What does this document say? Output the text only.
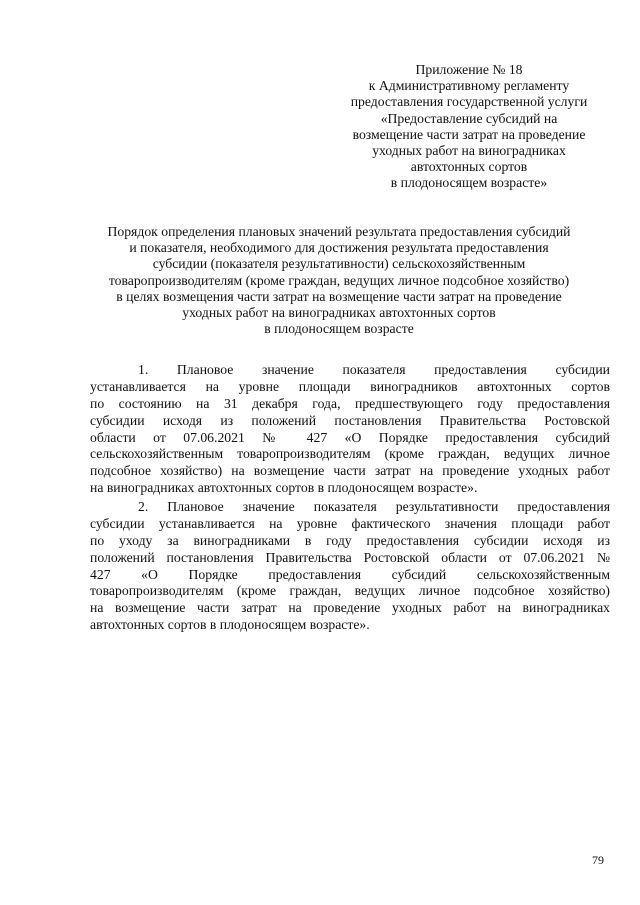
Приложение № 18
к Административному регламенту
предоставления государственной услуги
«Предоставление субсидий на
возмещение части затрат на проведение
уходных работ на виноградниках
автохтонных сортов
в плодоносящем возрасте»
Порядок определения плановых значений результата предоставления субсидий
и показателя, необходимого для достижения результата предоставления
субсидии (показателя результативности) сельскохозяйственным
товаропроизводителям (кроме граждан, ведущих личное подсобное хозяйство)
в целях возмещения части затрат на возмещение части затрат на проведение
уходных работ на виноградниках автохтонных сортов
в плодоносящем возрасте
1. Плановое значение показателя предоставления субсидии
устанавливается на уровне площади виноградников автохтонных сортов
по состоянию на 31 декабря года, предшествующего году предоставления
субсидии исходя из положений постановления Правительства Ростовской
области от 07.06.2021 № 427 «О Порядке предоставления субсидий
сельскохозяйственным товаропроизводителям (кроме граждан, ведущих личное
подсобное хозяйство) на возмещение части затрат на проведение уходных работ
на виноградниках автохтонных сортов в плодоносящем возрасте».
2. Плановое значение показателя результативности предоставления
субсидии устанавливается на уровне фактического значения площади работ
по уходу за виноградниками в году предоставления субсидии исходя из
положений постановления Правительства Ростовской области от 07.06.2021 №
427 «О Порядке предоставления субсидий сельскохозяйственным
товаропроизводителям (кроме граждан, ведущих личное подсобное хозяйство)
на возмещение части затрат на проведение уходных работ на виноградниках
автохтонных сортов в плодоносящем возрасте».
79
